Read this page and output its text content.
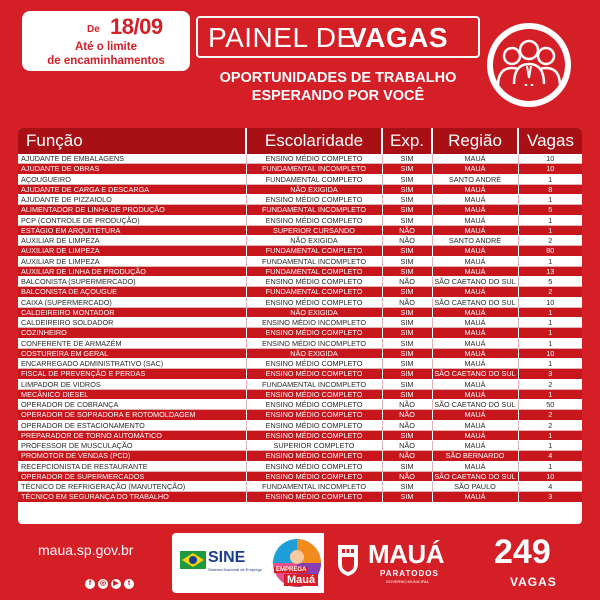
De 18/09
Até o limite
de encaminhamentos
PAINEL DE
VAGAS
OPORTUNIDADES DE TRABALHO
ESPERANDO POR VOCÊ
Função	Escolaridade	Exp.	Região	Vagas
AJUDANTE DE EMBALAGENS	ENSINO MÉDIO COMPLETO	SIM	MAUÁ	10
AJUDANTE DE OBRAS	FUNDAMENTAL INCOMPLETO	SIM	MAUÁ	10
AÇOUGUEIRO	FUNDAMENTAL COMPLETO	SIM	SANTO ANDRÉ	1
AJUDANTE DE CARGA E DESCARGA	NÃO EXIGIDA	SIM	MAUÁ	8
AJUDANTE DE PIZZAIOLO	ENSINO MÉDIO COMPLETO	SIM	MAUÁ	1
ALIMENTADOR DE LINHA DE PRODUÇÃO	FUNDAMENTAL INCOMPLETO	SIM	MAUÁ	5
PCP (CONTROLE DE PRODUÇÃO)	ENSINO MÉDIO COMPLETO	SIM	MAUÁ	1
ESTÁGIO EM ARQUITETURA	SUPERIOR CURSANDO	NÃO	MAUÁ	1
AUXILIAR DE LIMPEZA	NÃO EXIGIDA	NÃO	SANTO ANDRÉ	2
AUXILIAR DE LIMPEZA	FUNDAMENTAL COMPLETO	SIM	MAUÁ	80
AUXILIAR DE LIMPEZA	FUNDAMENTAL INCOMPLETO	SIM	MAUÁ	1
AUXILIAR DE LINHA DE PRODUÇÃO	FUNDAMENTAL COMPLETO	SIM	MAUÁ	13
BALCONISTA (SUPERMERCADO)	ENSINO MÉDIO COMPLETO	NÃO	SÃO CAETANO DO SUL	5
BALCONISTA DE AÇOUGUE	FUNDAMENTAL COMPLETO	SIM	MAUÁ	2
CAIXA (SUPERMERCADO)	ENSINO MÉDIO COMPLETO	NÃO	SÃO CAETANO DO SUL	10
CALDEIREIRO MONTADOR	NÃO EXIGIDA	SIM	MAUÁ	1
CALDEIREIRO SOLDADOR	ENSINO MÉDIO INCOMPLETO	SIM	MAUÁ	1
COZINHEIRO	ENSINO MÉDIO COMPLETO	SIM	MAUÁ	1
CONFERENTE DE ARMAZÉM	ENSINO MÉDIO INCOMPLETO	SIM	MAUÁ	1
COSTUREIRA EM GERAL	NÃO EXIGIDA	SIM	MAUÁ	10
ENCARREGADO ADMINISTRATIVO (SAC)	ENSINO MÉDIO COMPLETO	SIM	MAUÁ	1
FISCAL DE PREVENÇÃO E PERDAS	ENSINO MÉDIO COMPLETO	SIM	SÃO CAETANO DO SUL	3
LIMPADOR DE VIDROS	FUNDAMENTAL INCOMPLETO	SIM	MAUÁ	2
MECÂNICO DIESEL	ENSINO MÉDIO COMPLETO	SIM	MAUÁ	1
OPERADOR DE COBRANÇA	ENSINO MÉDIO COMPLETO	NÃO	SÃO CAETANO DO SUL	50
OPERADOR DE SOPRADORA E ROTOMOLDAGEM	ENSINO MÉDIO COMPLETO	NÃO	MAUÁ	2
OPERADOR DE ESTACIONAMENTO	ENSINO MÉDIO COMPLETO	NÃO	MAUÁ	2
PREPARADOR DE TORNO AUTOMÁTICO	ENSINO MÉDIO COMPLETO	SIM	MAUÁ	1
PROFESSOR DE MUSCULAÇÃO	SUPERIOR COMPLETO	NÃO	MAUÁ	1
PROMOTOR DE VENDAS (PCD)	ENSINO MÉDIO COMPLETO	NÃO	SÃO BERNARDO	4
RECEPCIONISTA DE RESTAURANTE	ENSINO MÉDIO COMPLETO	SIM	MAUÁ	1
OPERADOR DE SUPERMERCADOS	ENSINO MÉDIO COMPLETO	NÃO	SÃO CAETANO DO SUL	10
TÉCNICO DE REFRIGERAÇÃO (MANUTENÇÃO)	FUNDAMENTAL INCOMPLETO	SIM	SÃO PAULO	4
TÉCNICO EM SEGURANÇA DO TRABALHO	ENSINO MÉDIO COMPLETO	SIM	MAUÁ	3
maua.sp.gov.br
f ◎ ▶ t
SINE
Sistema Nacional de Emprego	EMPREGA
Mauá
MAUÁ
PARATODOS
GOVERNO MUNICIPAL
249
VAGAS
